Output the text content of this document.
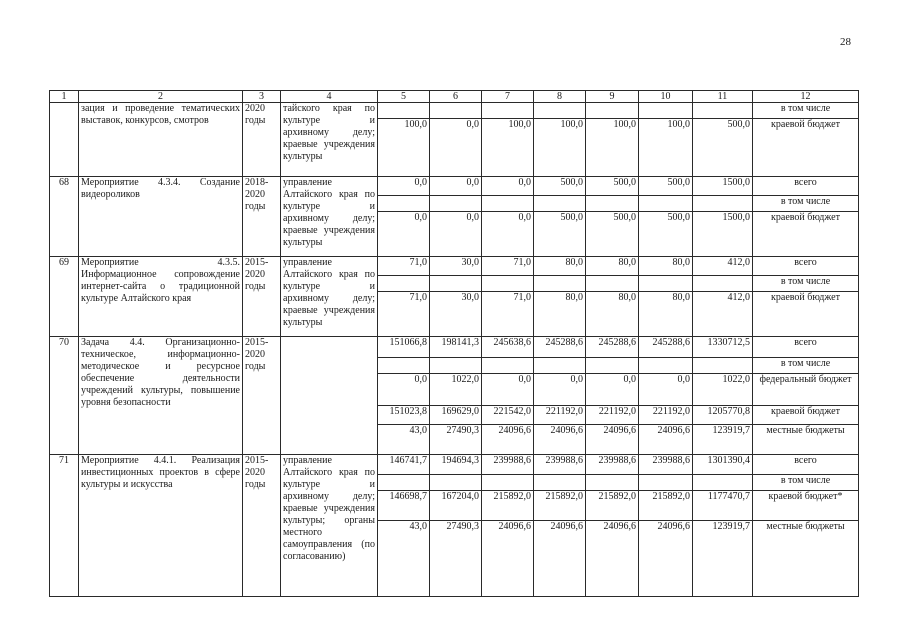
28
1	2	3	4	5	6	7	8	9	10	11	12
	зация и проведение тематических выставок, конкурсов, смотров	2020 годы	тайского края по культуре и архивному делу; краевые учреждения культуры								в том числе
				100,0	0,0	100,0	100,0	100,0	100,0	500,0	краевой бюджет
68	Мероприятие 4.3.4. Создание видеороликов	2018-2020 годы	управление Алтайского края по культуре и архивному делу; краевые учреждения культуры	0,0	0,0	0,0	500,0	500,0	500,0	1500,0	всего
											в том числе
				0,0	0,0	0,0	500,0	500,0	500,0	1500,0	краевой бюджет
69	Мероприятие 4.3.5. Информационное сопровождение интернет-сайта о традиционной культуре Алтайского края	2015-2020 годы	управление Алтайского края по культуре и архивному делу; краевые учреждения культуры	71,0	30,0	71,0	80,0	80,0	80,0	412,0	всего
											в том числе
				71,0	30,0	71,0	80,0	80,0	80,0	412,0	краевой бюджет
70	Задача 4.4. Организационно-техническое, информационно-методическое и ресурсное обеспечение деятельности учреждений культуры, повышение уровня безопасности	2015-2020 годы		151066,8	198141,3	245638,6	245288,6	245288,6	245288,6	1330712,5	всего
											в том числе
				0,0	1022,0	0,0	0,0	0,0	0,0	1022,0	федеральный бюджет
				151023,8	169629,0	221542,0	221192,0	221192,0	221192,0	1205770,8	краевой бюджет
				43,0	27490,3	24096,6	24096,6	24096,6	24096,6	123919,7	местные бюджеты
71	Мероприятие 4.4.1. Реализация инвестиционных проектов в сфере культуры и искусства	2015-2020 годы	управление Алтайского края по культуре и архивному делу; краевые учреждения культуры; органы местного самоуправления (по согласованию)	146741,7	194694,3	239988,6	239988,6	239988,6	239988,6	1301390,4	всего
											в том числе
				146698,7	167204,0	215892,0	215892,0	215892,0	215892,0	1177470,7	краевой бюджет*
				43,0	27490,3	24096,6	24096,6	24096,6	24096,6	123919,7	местные бюджеты
